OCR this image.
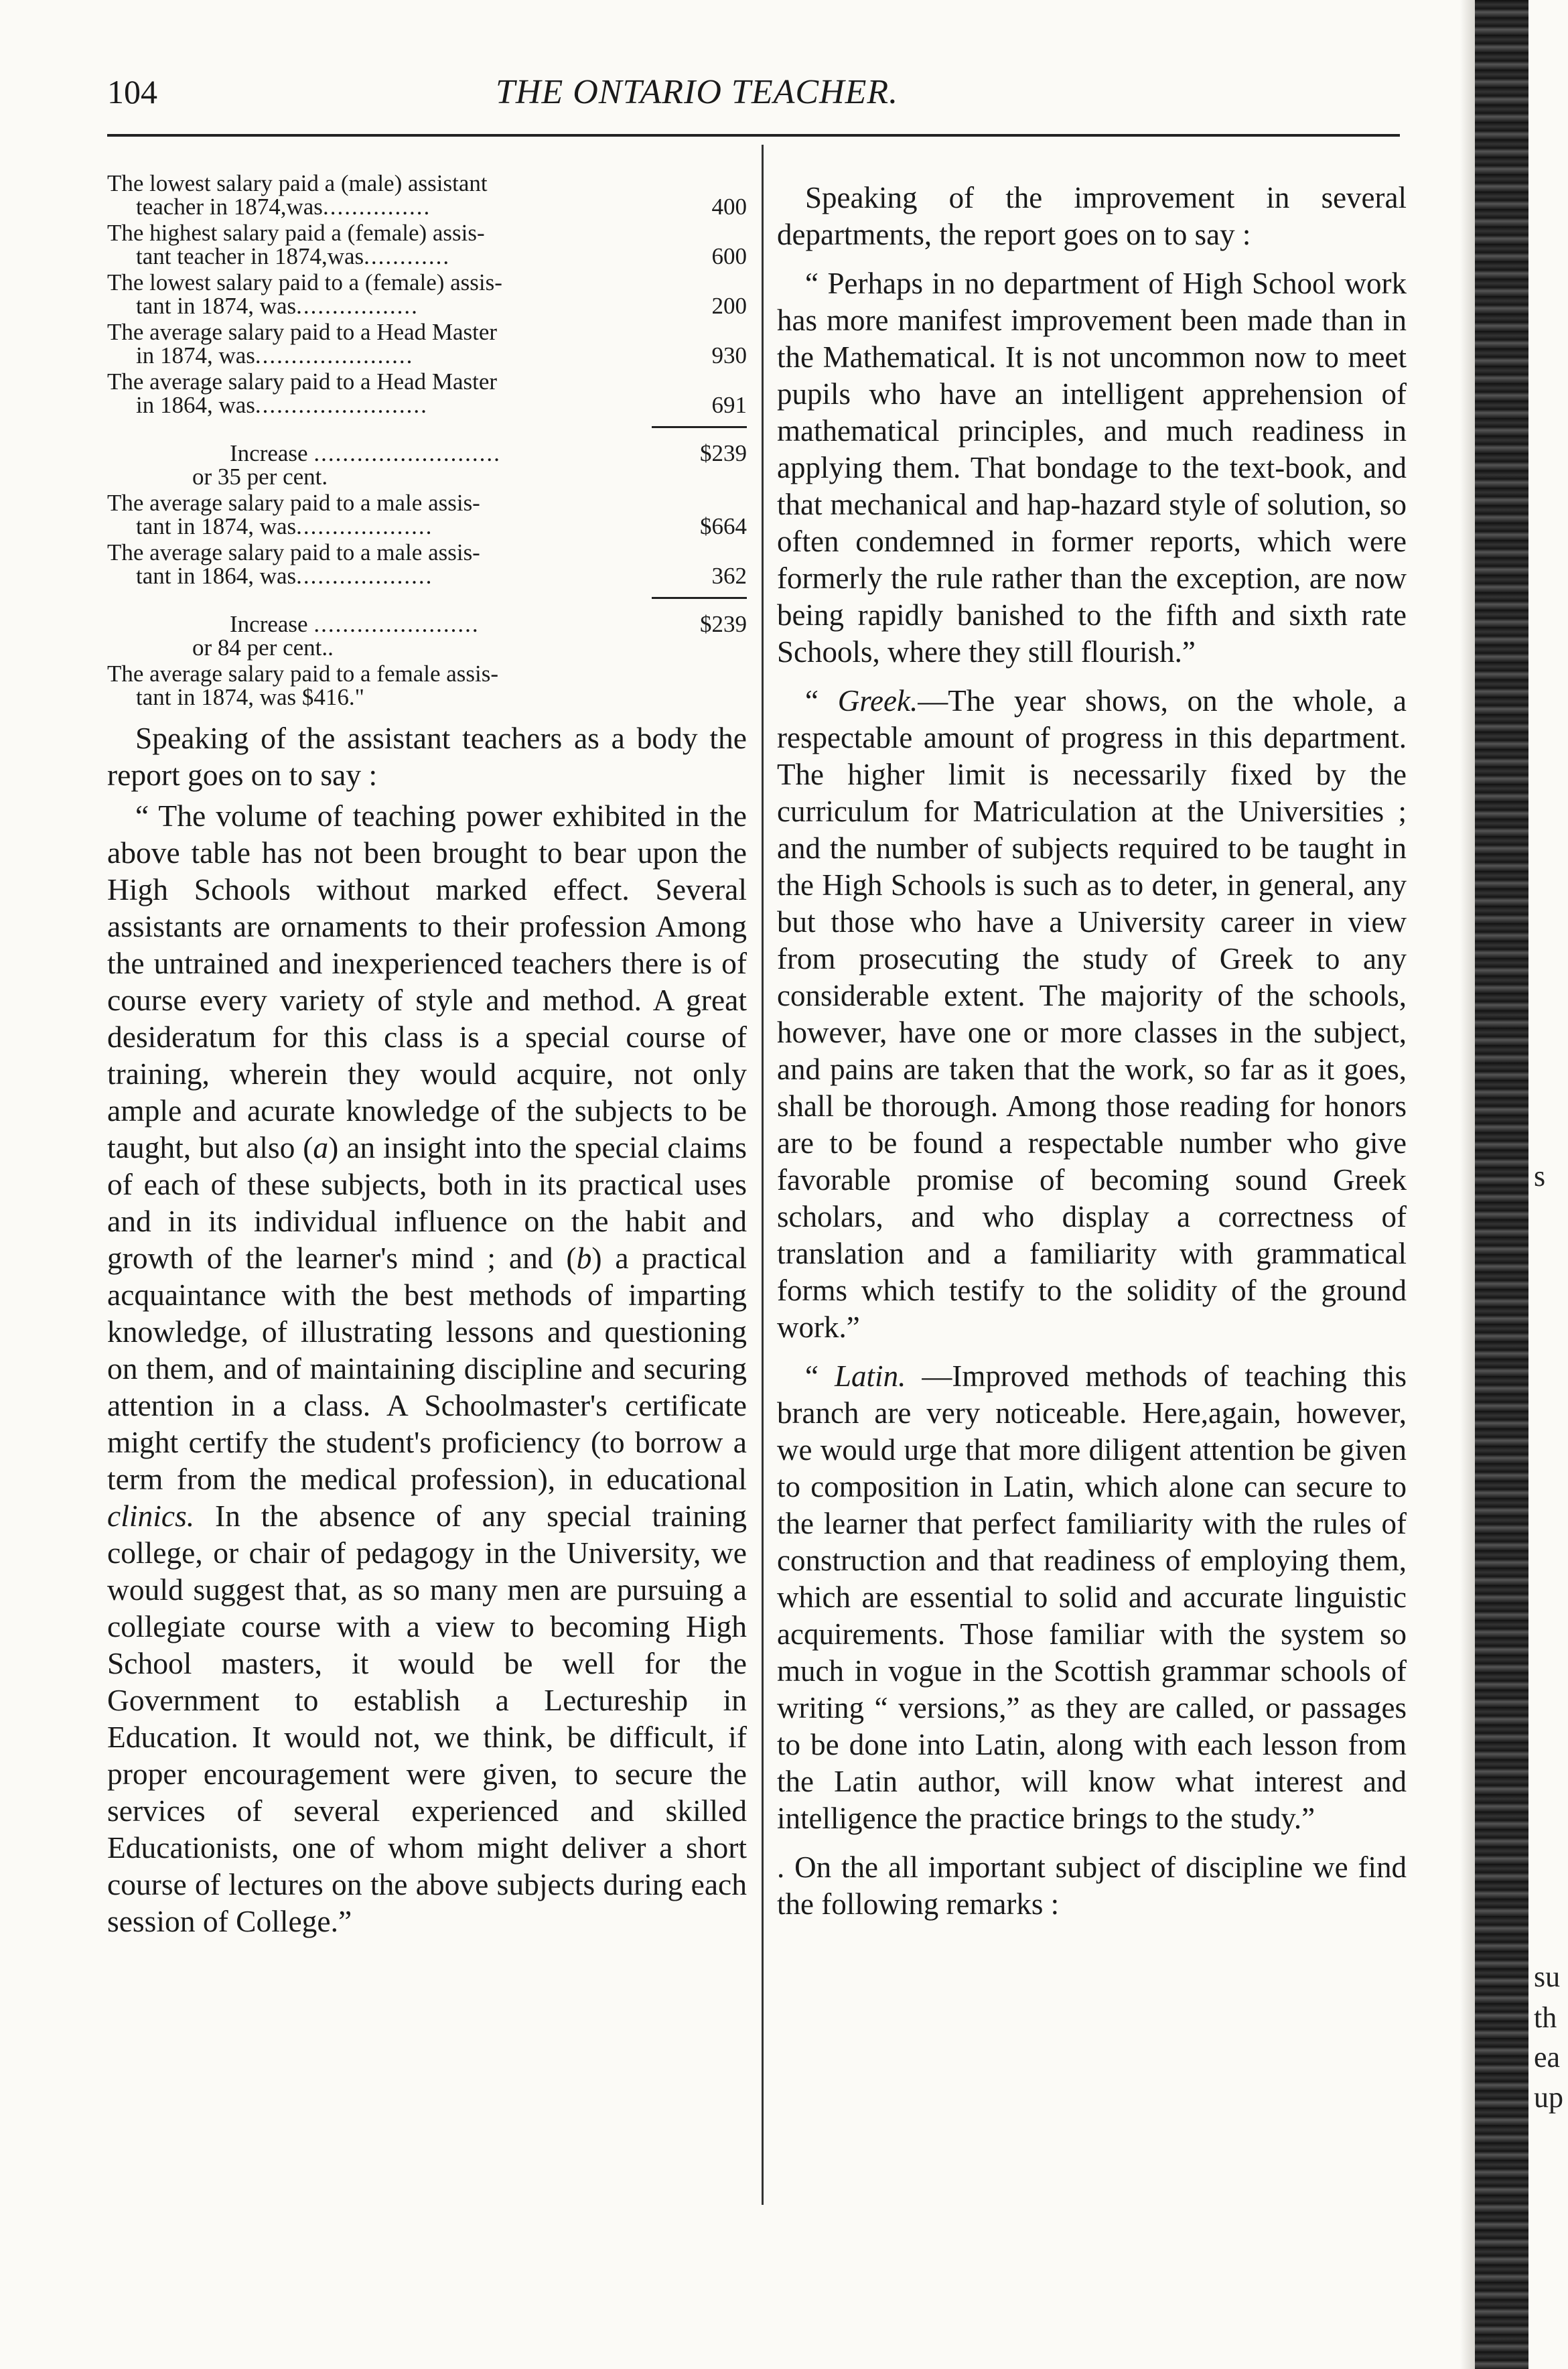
104	THE ONTARIO TEACHER.
s
su
th
ea
up
The lowest salary paid a (male) assistant
teacher in 1874,was...............	400
The highest salary paid a (female) assis-
tant teacher in 1874,was............	600
The lowest salary paid to a (female) assis-
tant in 1874, was.................	200
The average salary paid to a Head Master
in 1874, was......................	930
The average salary paid to a Head Master
in 1864, was........................	691
Increase ..........................	$239
or 35 per cent.
The average salary paid to a male assis-
tant in 1874, was...................	$664
The average salary paid to a male assis-
tant in 1864, was...................	362
Increase .......................	$239
or 84 per cent..
The average salary paid to a female assis-
tant in 1874, was $416."

Speaking of the assistant teachers as a body the report goes on to say :

“ The volume of teaching power exhibited in the above table has not been brought to bear upon the High Schools without marked effect. Several assistants are ornaments to their profession Among the untrained and inexperienced teachers there is of course every variety of style and method. A great desideratum for this class is a special course of training, wherein they would acquire, not only ample and acurate knowledge of the subjects to be taught, but also (a) an insight into the special claims of each of these subjects, both in its practical uses and in its individual influence on the habit and growth of the learner's mind ; and (b) a practical acquaintance with the best methods of imparting knowledge, of illustrating lessons and questioning on them, and of maintaining discipline and securing attention in a class. A Schoolmaster's certificate might certify the student's proficiency (to borrow a term from the medical profession), in educational clinics. In the absence of any special training college, or chair of pedagogy in the University, we would suggest that, as so many men are pursuing a collegiate course with a view to becoming High School masters, it would be well for the Government to establish a Lectureship in Education. It would not, we think, be difficult, if proper encouragement were given, to secure the services of several experienced and skilled Educationists, one of whom might deliver a short course of lectures on the above subjects during each session of College.”

Speaking of the improvement in several departments, the report goes on to say :

“ Perhaps in no department of High School work has more manifest improvement been made than in the Mathematical. It is not uncommon now to meet pupils who have an intelligent apprehension of mathematical principles, and much readiness in applying them. That bondage to the text-book, and that mechanical and hap-hazard style of solution, so often condemned in former reports, which were formerly the rule rather than the exception, are now being rapidly banished to the fifth and sixth rate Schools, where they still flourish.”

“ Greek.—The year shows, on the whole, a respectable amount of progress in this department. The higher limit is necessarily fixed by the curriculum for Matriculation at the Universities ; and the number of subjects required to be taught in the High Schools is such as to deter, in general, any but those who have a University career in view from prosecuting the study of Greek to any considerable extent. The majority of the schools, however, have one or more classes in the subject, and pains are taken that the work, so far as it goes, shall be thorough. Among those reading for honors are to be found a respectable number who give favorable promise of becoming sound Greek scholars, and who display a correctness of translation and a familiarity with grammatical forms which testify to the solidity of the ground work.”

“ Latin. —Improved methods of teaching this branch are very noticeable. Here,again, however, we would urge that more diligent attention be given to composition in Latin, which alone can secure to the learner that perfect familiarity with the rules of construction and that readiness of employing them, which are essential to solid and accurate linguistic acquirements. Those familiar with the system so much in vogue in the Scottish grammar schools of writing “ versions,” as they are called, or passages to be done into Latin, along with each lesson from the Latin author, will know what interest and intelligence the practice brings to the study.”

. On the all important subject of discipline we find the following remarks :
